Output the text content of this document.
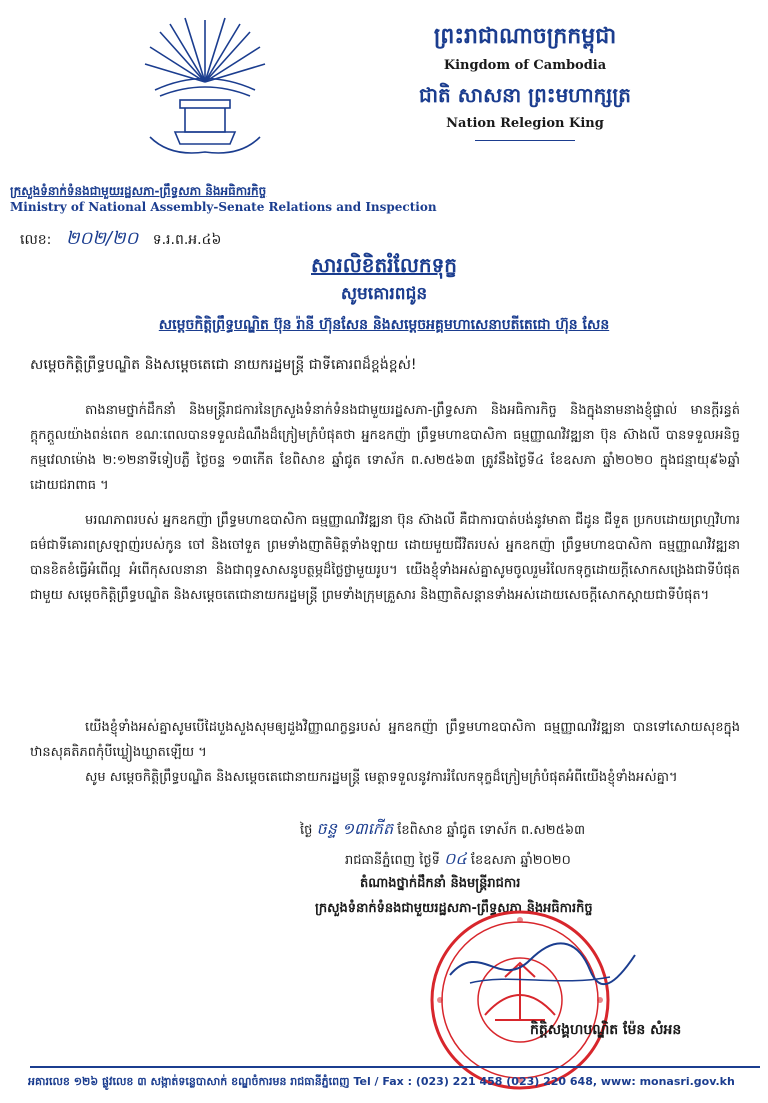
ព្រះរាជាណាចក្រកម្ពុជា
Kingdom of Cambodia
ជាតិ សាសនា ព្រះមហាក្សត្រ
Nation Relegion King
ក្រសួងទំនាក់ទំនងជាមួយរដ្ឋសភា-ព្រឹទ្ធសភា និងអធិការកិច្ច
Ministry of National Assembly-Senate Relations and Inspection
លេខ: ២០២/២០ ទ.រ.ព.អ.៤៦
សារលិខិតរំលែកទុក្ខ
សូមគោរពជូន
សម្តេចកិត្តិព្រឹទ្ធបណ្ឌិត ប៊ុន រ៉ានី ហ៊ុនសែន និងសម្តេចអគ្គមហាសេនាបតីតេជោ ហ៊ុន សែន
សម្តេចកិត្តិព្រឹទ្ធបណ្ឌិត និងសម្តេចតេជោ នាយករដ្ឋមន្ត្រី ជាទីគោរពដ៏ខ្ពង់ខ្ពស់!
តាងនាមថ្នាក់ដឹកនាំ និងមន្ត្រីរាជការនៃក្រសួងទំនាក់ទំនងជាមួយរដ្ឋសភា-ព្រឹទ្ធសភា និងអធិការកិច្ច និងក្នុងនាមនាងខ្ញុំផ្ទាល់ មានក្តីរន្ធត់ក្តុកក្តួលយ៉ាងពន់ពេក ខណៈពេលបានទទួលដំណឹងដ៏ក្រៀមក្រំបំផុតថា អ្នកឧកញ៉ា ព្រឹទ្ធមហាឧបាសិកា ធម្មញ្ញាណវិវឌ្ឍនា ប៊ុន ស៊ាងលី បានទទួលអនិច្ចកម្មវេលាម៉ោង ២:១២នាទីទៀបភ្លឺ ថ្ងៃចន្ទ ១៣កើត ខែពិសាខ ឆ្នាំជូត ទោស័ក ព.ស២៥៦៣ ត្រូវនឹងថ្ងៃទី៤ ខែឧសភា ឆ្នាំ២០២០ ក្នុងជន្មាយុ៩៦ឆ្នាំ ដោយជរាពាធ ។
មរណភាពរបស់ អ្នកឧកញ៉ា ព្រឹទ្ធមហាឧបាសិកា ធម្មញ្ញាណវិវឌ្ឍនា ប៊ុន ស៊ាងលី គឺជាការបាត់បង់នូវមាតា ជីដូន ជីទួត ប្រកបដោយព្រហ្មវិហារធម៌ជាទីគោរពស្រឡាញ់របស់កូន ចៅ និងចៅទួត ព្រមទាំងញាតិមិត្តទាំងឡាយ ដោយមួយជីវិតរបស់ អ្នកឧកញ៉ា ព្រឹទ្ធមហាឧបាសិកា ធម្មញ្ញាណវិវឌ្ឍនា បានខិតខំធ្វើអំពើល្អ អំពើកុសលនានា និងជាពុទ្ធសាសនូបត្ថម្ភដ៏ថ្លៃថ្លាមួយរូប។ យើងខ្ញុំទាំងអស់គ្នាសូមចូលរួមរំលែកទុក្ខដោយក្តីសោកសង្រេងជាទីបំផុតជាមួយ សម្តេចកិត្តិព្រឹទ្ធបណ្ឌិត និងសម្តេចតេជោនាយករដ្ឋមន្ត្រី ព្រមទាំងក្រុមគ្រួសារ និងញាតិសន្តានទាំងអស់ដោយសេចក្តីសោកស្តាយជាទីបំផុត។
យើងខ្ញុំទាំងអស់គ្នាសូមបេីដៃបួងសួងសុមឲ្យដួងវិញ្ញាណក្ខន្ធរបស់ អ្នកឧកញ៉ា ព្រឹទ្ធមហាឧបាសិកា ធម្មញ្ញាណវិវឌ្ឍនា បានទៅសោយសុខក្នុងឋានសុគតិភពកុំបីឃ្លៀងឃ្លាតឡើយ ។
សូម សម្តេចកិត្តិព្រឹទ្ធបណ្ឌិត និងសម្តេចតេជោនាយករដ្ឋមន្ត្រី មេត្តាទទួលនូវការរំលែកទុក្ខដ៏ក្រៀមក្រំបំផុតអំពីយើងខ្ញុំទាំងអស់គ្នា។
ថ្ងៃ ចន្ទ ១៣កើត ខែពិសាខ ឆ្នាំជូត ទោស័ក ព.ស២៥៦៣
រាជធានីភ្នំពេញ ថ្ងៃទី ០៤ ខែឧសភា ឆ្នាំ២០២០
តំណាងថ្នាក់ដឹកនាំ និងមន្ត្រីរាជការ
ក្រសួងទំនាក់ទំនងជាមួយរដ្ឋសភា-ព្រឹទ្ធសភា និងអធិការកិច្ច
កិត្តិសង្គហបណ្ឌិត ម៉ែន សំអន
អគារលេខ ១២៦ ផ្លូវលេខ ៣ សង្កាត់ទន្លេបាសាក់ ខណ្ឌចំការមន រាជធានីភ្នំពេញ Tel / Fax : (023) 221 458 (023) 220 648, www: monasri.gov.kh
